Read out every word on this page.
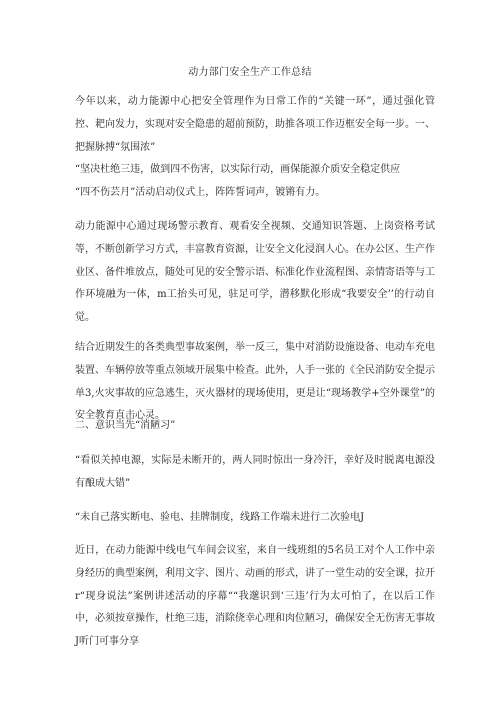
动力部门安全生产工作总结

今年以来，动力能源中心把安全管理作为日常工作的“关键一环”，通过强化管控、耙向发力，实现对安全隐患的超前预防，助推各项工作迈框安全每一步。一、把握脉搏“氛围浓”

“坚决杜绝三违，做到四不伤害，以实际行动，画保能源介质安全稳定供应

“四不伤芸月”活动启动仪式上，阵阵誓词声，镀锵有力。

动力能源中心通过现场警示教育、观看安全视频、交通知识答题、上岗资格考试等，不断创新学习方式，丰富教育资源，让安全文化浸润人心。在办公区、生产作业区、备件堆放点，随处可见的安全警示语、标准化作业流程图、亲情寄语等与工作环境融为一体，m工抬头可见，驻足可学，潜移默化形成“我要安全’’的行动自觉。

结合近期发生的各类典型事故案例，举一反三，集中对消防设施设备、电动车充电装置、车辆停放等重点领域开展集中检查。此外，人手一张的《全民消防安全提示单3,火灾事故的应急逃生，灭火器材的现场使用，更是让“现场教学+空外课堂”的安全教育直击心灵。

二、意识当先“消陋习”

“看似关掉电源，实际是未断开的，两人同时惊出一身冷汗，幸好及时脱离电源没有酿成大错”

“未自己落实断电、验电、挂牌制度，线路工作端未进行二次验电J

近日，在动力能源中线电气车间会议室，来自一线班组的5名员工对个人工作中亲身经历的典型案例，利用文字、图片、动画的形式，讲了一堂生动的安全课，拉开r“现身说法”案例讲述活动的序幕““我邈识到‘三违’行为太可怕了，在以后工作中，必须按章操作，杜绝三违，消除侥幸心理和肉位陋习，确保安全无伤害无事故J听门可事分享
